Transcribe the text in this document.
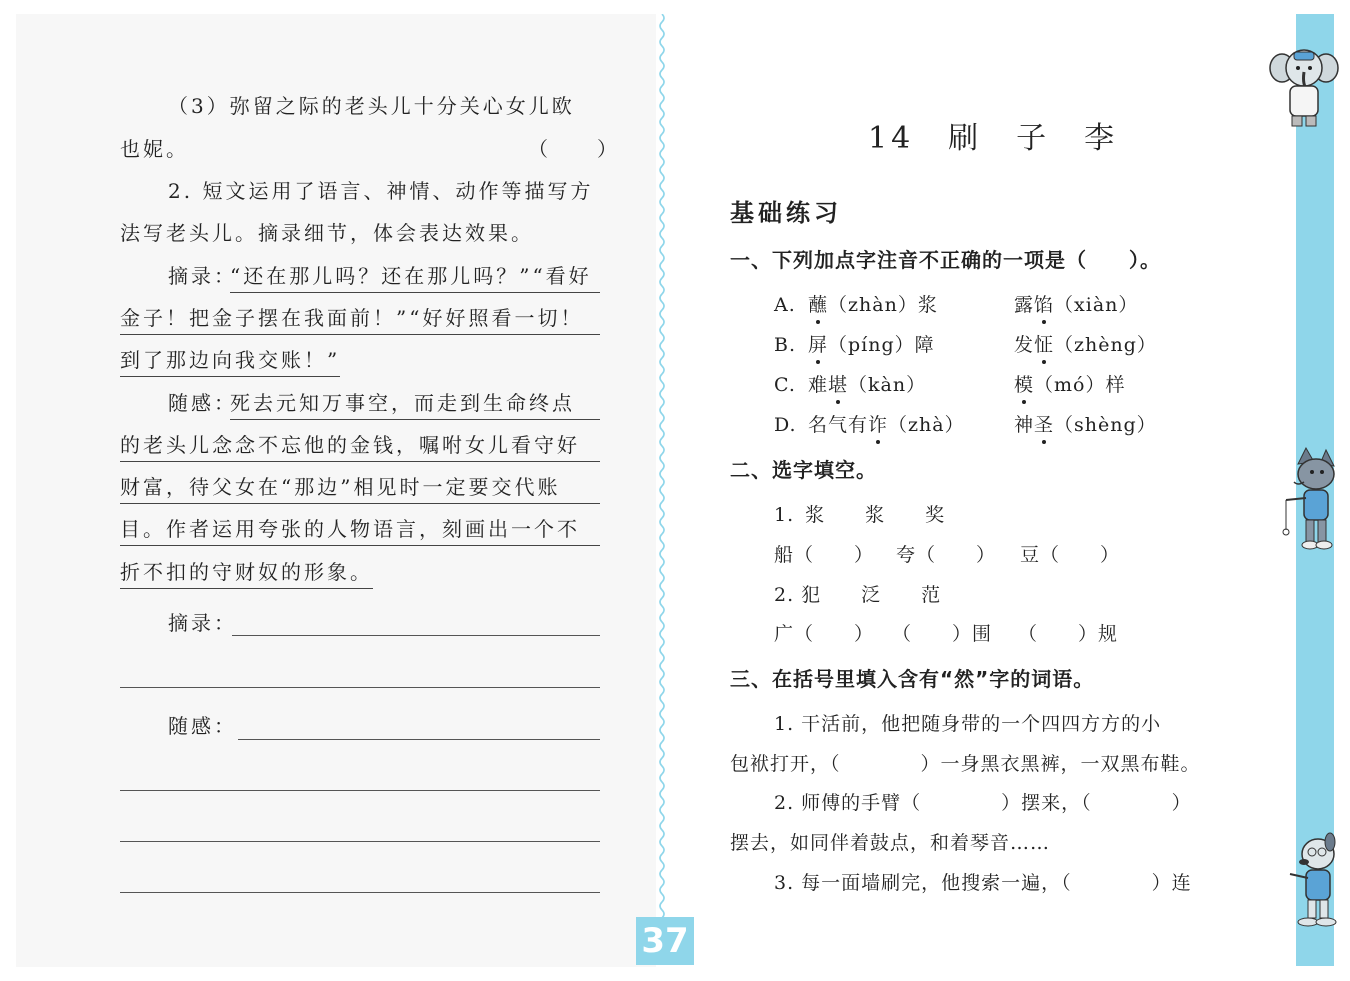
（3）弥留之际的老头儿十分关心女儿欧
也妮。	（　　）
2. 短文运用了语言、神情、动作等描写方
法写老头儿。摘录细节，体会表达效果。
摘录：
“还在那儿吗？还在那儿吗？”“看好
金子！把金子摆在我面前！”“好好照看一切！
到了那边向我交账！”
随感：
死去元知万事空，而走到生命终点
的老头儿念念不忘他的金钱，嘱咐女儿看守好
财富，待父女在“那边”相见时一定要交代账
目。作者运用夸张的人物语言，刻画出一个不
折不扣的守财奴的形象。
摘录：
随感：
14　刷　子　李
基础练习
一、下列加点字注音不正确的一项是（　　）。
A. 蘸（zhàn）浆	露馅（xiàn）
B. 屏（píng）障	发怔（zhèng）
C. 难堪（kàn）	模（mó）样
D. 名气有诈（zhà）	神圣（shèng）
二、选字填空。
1. 浆　　浆　　奖
船（　　） 夸（　　） 豆（　　）
2. 犯　　泛　　范
广（　　） （　　）围 （　　）规
三、在括号里填入含有“然”字的词语。
1. 干活前，他把随身带的一个四四方方的小
包袱打开，（　　　　）一身黑衣黑裤，一双黑布鞋。
2. 师傅的手臂（　　　　）摆来，（　　　　）
摆去，如同伴着鼓点，和着琴音……
3. 每一面墙刷完，他搜索一遍，（　　　　）连
37
